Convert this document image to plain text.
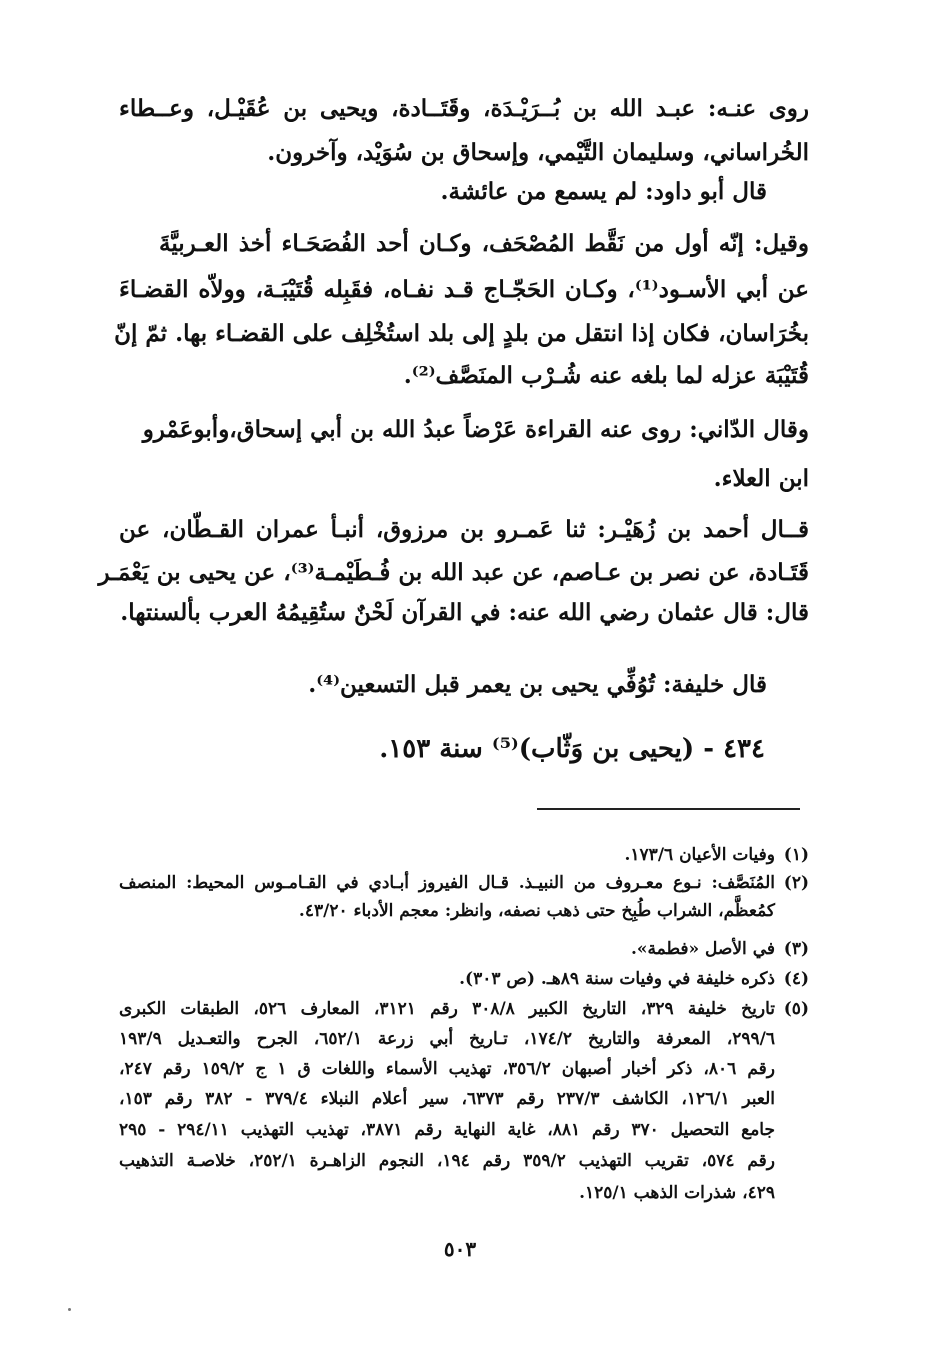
روى عنـه: عبـد الله بن بُــرَيْـدَة، وقَتَــادة، ويحيى بن عُقَيْـل، وعــطاء
الخُراساني، وسليمان التَّيْمي، وإسحاق بن سُوَيْد، وآخرون.
قال أبو داود: لم يسمع من عائشة.
وقيل: إنّه أول من نَقَّط المُصْحَف، وكـان أحد الفُصَحَـاء أخذ العـربيَّةَ
عن أبي الأسـود⁽¹⁾، وكـان الحَجّـاج قـد نفـاه، فقَبِله قُتَيْبَـة، وولاّه القضـاءَ
بخُرَاسان، فكان إذا انتقل من بلدٍ إلى بلد استُخْلِف على القضـاء بها. ثمّ إنّ
قُتَيْبَة عزله لما بلغه عنه شُـرْب المنَصَّف⁽²⁾.
وقال الدّاني: روى عنه القراءة عَرْضاً عبدُ الله بن أبي إسحاق،وأبوعَمْرو
ابن العلاء.
قــال أحمد بن زُهَيْـر: ثنا عَمـرو بن مرزوق، أنبـأ عمران القـطّان، عن
قَتَـادة، عن نصر بن عـاصم، عن عبد الله بن فُـطَيْمـة⁽³⁾، عن يحيى بن يَعْمَـر
قال: قال عثمان رضي الله عنه: في القرآن لَحْنٌ ستُقِيمُهُ العرب بألسنتها.
قال خليفة: تُوُفِّي يحيى بن يعمر قبل التسعين⁽⁴⁾.
٤٣٤ - (يحيى بن وَثّاب)⁽⁵⁾ سنة ١٥٣.
(١)وفيات الأعيان ١٧٣/٦.
(٢)المُنَصَّف: نـوع معـروف من النبيـذ. قـال الفيروز أبـادي في القـامـوس المحيط: المنصف
كمُعظَّم، الشراب طُبِخ حتى ذهب نصفه، وانظر: معجم الأدباء ٤٣/٢٠.
(٣)في الأصل «فطمة».
(٤)ذكره خليفة في وفيات سنة ٨٩هـ. (ص ٣٠٣).
(٥)تاريخ خليفة ٣٢٩، التاريخ الكبير ٣٠٨/٨ رقم ٣١٢١، المعارف ٥٢٦، الطبقات الكبرى
٢٩٩/٦، المعرفة والتاريخ ١٧٤/٢، تـاريخ أبي زرعة ٦٥٢/١، الجرح والتعـديل ١٩٣/٩
رقم ٨٠٦، ذكر أخبار أصبهان ٣٥٦/٢، تهذيب الأسماء واللغات ق ١ ج ١٥٩/٢ رقم ٢٤٧،
العبر ١٢٦/١، الكاشف ٢٣٧/٣ رقم ٦٣٧٣، سير أعلام النبلاء ٣٧٩/٤ - ٣٨٢ رقم ١٥٣،
جامع التحصيل ٣٧٠ رقم ٨٨١، غاية النهاية رقم ٣٨٧١، تهذيب التهذيب ٢٩٤/١١ - ٢٩٥
رقم ٥٧٤، تقريب التهذيب ٣٥٩/٢ رقم ١٩٤، النجوم الزاهـرة ٢٥٢/١، خلاصـة التذهيب
٤٢٩، شذرات الذهب ١٢٥/١.
٥٠٣
